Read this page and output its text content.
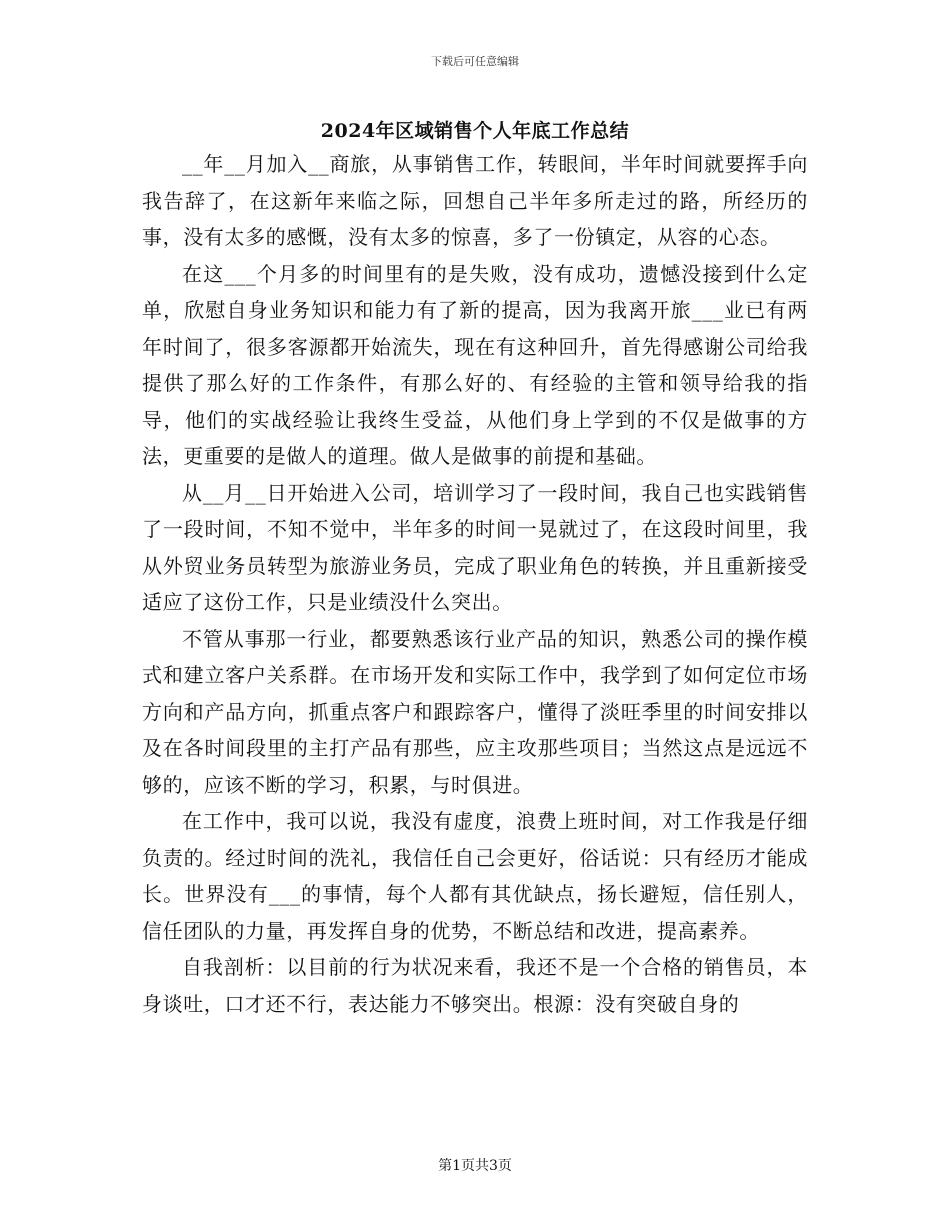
下载后可任意编辑
2024年区域销售个人年底工作总结

__年__月加入__商旅，从事销售工作，转眼间，半年时间就要挥手向我告辞了，在这新年来临之际，回想自己半年多所走过的路，所经历的事，没有太多的感慨，没有太多的惊喜，多了一份镇定，从容的心态。

在这___个月多的时间里有的是失败，没有成功，遗憾没接到什么定单，欣慰自身业务知识和能力有了新的提高，因为我离开旅___业已有两年时间了，很多客源都开始流失，现在有这种回升，首先得感谢公司给我提供了那么好的工作条件，有那么好的、有经验的主管和领导给我的指导，他们的实战经验让我终生受益，从他们身上学到的不仅是做事的方法，更重要的是做人的道理。做人是做事的前提和基础。

从__月__日开始进入公司，培训学习了一段时间，我自己也实践销售了一段时间，不知不觉中，半年多的时间一晃就过了，在这段时间里，我从外贸业务员转型为旅游业务员，完成了职业角色的转换，并且重新接受适应了这份工作，只是业绩没什么突出。

不管从事那一行业，都要熟悉该行业产品的知识，熟悉公司的操作模式和建立客户关系群。在市场开发和实际工作中，我学到了如何定位市场方向和产品方向，抓重点客户和跟踪客户，懂得了淡旺季里的时间安排以及在各时间段里的主打产品有那些，应主攻那些项目；当然这点是远远不够的，应该不断的学习，积累，与时俱进。

在工作中，我可以说，我没有虚度，浪费上班时间，对工作我是仔细负责的。经过时间的洗礼，我信任自己会更好，俗话说：只有经历才能成长。世界没有___的事情，每个人都有其优缺点，扬长避短，信任别人，信任团队的力量，再发挥自身的优势，不断总结和改进，提高素养。

自我剖析：以目前的行为状况来看，我还不是一个合格的销售员，本身谈吐，口才还不行，表达能力不够突出。根源：没有突破自身的

第1页共3页
